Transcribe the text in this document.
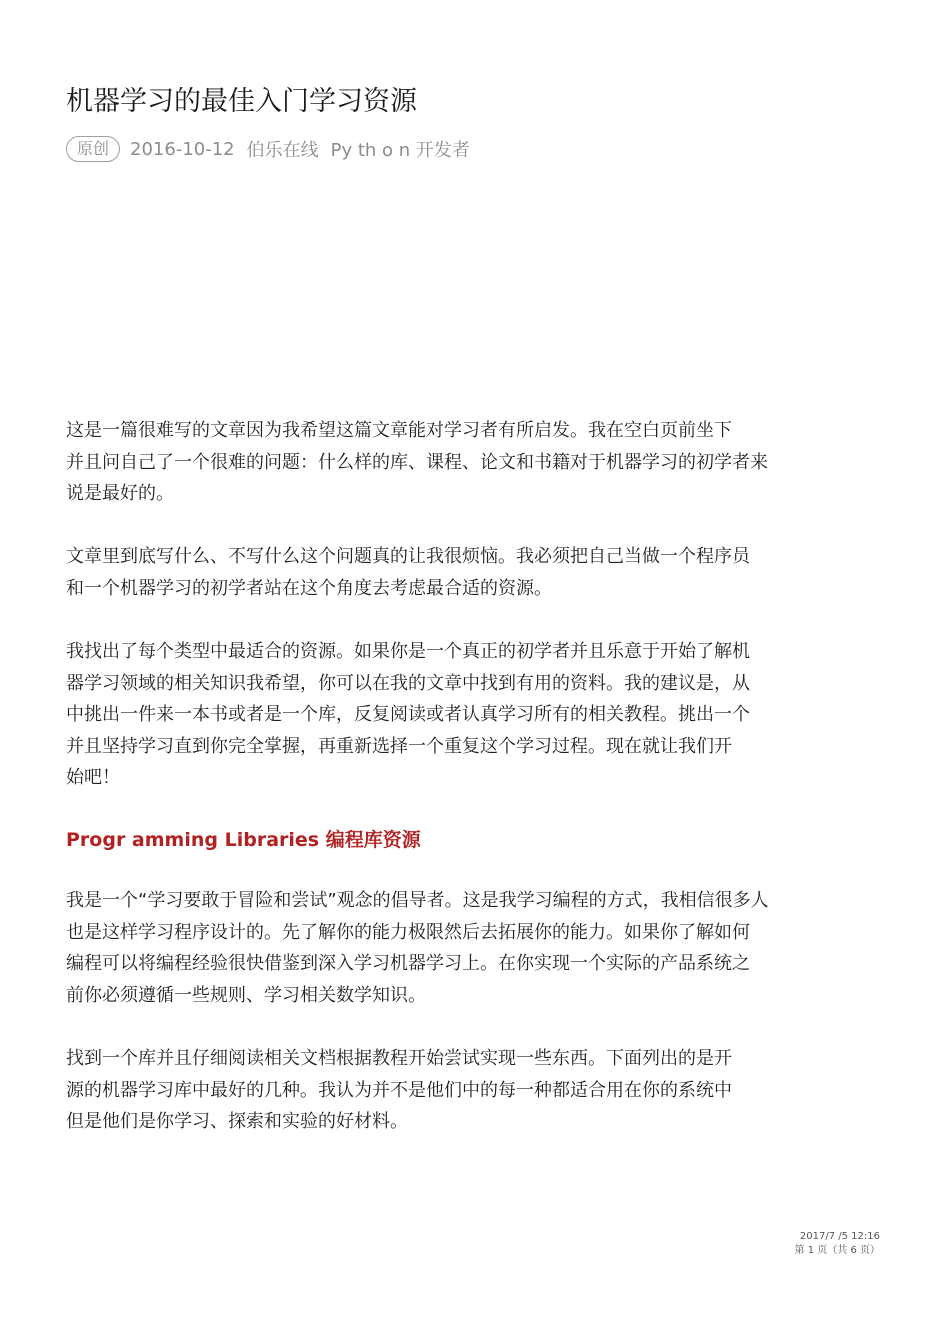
机器学习的最佳入门学习资源
原创	2016-10-12 伯乐在线 Py th o n 开发者
这是一篇很难写的文章因为我希望这篇文章能对学习者有所启发。我在空白页前坐下
并且问自己了一个很难的问题：什么样的库、课程、论文和书籍对于机器学习的初学者来
说是最好的。
文章里到底写什么、不写什么这个问题真的让我很烦恼。我必须把自己当做一个程序员
和一个机器学习的初学者站在这个角度去考虑最合适的资源。
我找出了每个类型中最适合的资源。如果你是一个真正的初学者并且乐意于开始了解机
器学习领域的相关知识我希望，你可以在我的文章中找到有用的资料。我的建议是，从
中挑出一件来一本书或者是一个库，反复阅读或者认真学习所有的相关教程。挑出一个
并且坚持学习直到你完全掌握，再重新选择一个重复这个学习过程。现在就让我们开
始吧！
Progr amming Libraries 编程库资源
我是一个“学习要敢于冒险和尝试”观念的倡导者。这是我学习编程的方式，我相信很多人
也是这样学习程序设计的。先了解你的能力极限然后去拓展你的能力。如果你了解如何
编程可以将编程经验很快借鉴到深入学习机器学习上。在你实现一个实际的产品系统之
前你必须遵循一些规则、学习相关数学知识。
找到一个库并且仔细阅读相关文档根据教程开始尝试实现一些东西。下面列出的是开
源的机器学习库中最好的几种。我认为并不是他们中的每一种都适合用在你的系统中
但是他们是你学习、探索和实验的好材料。
2017/7 /5 12:16
第 1 页（共 6 页）
